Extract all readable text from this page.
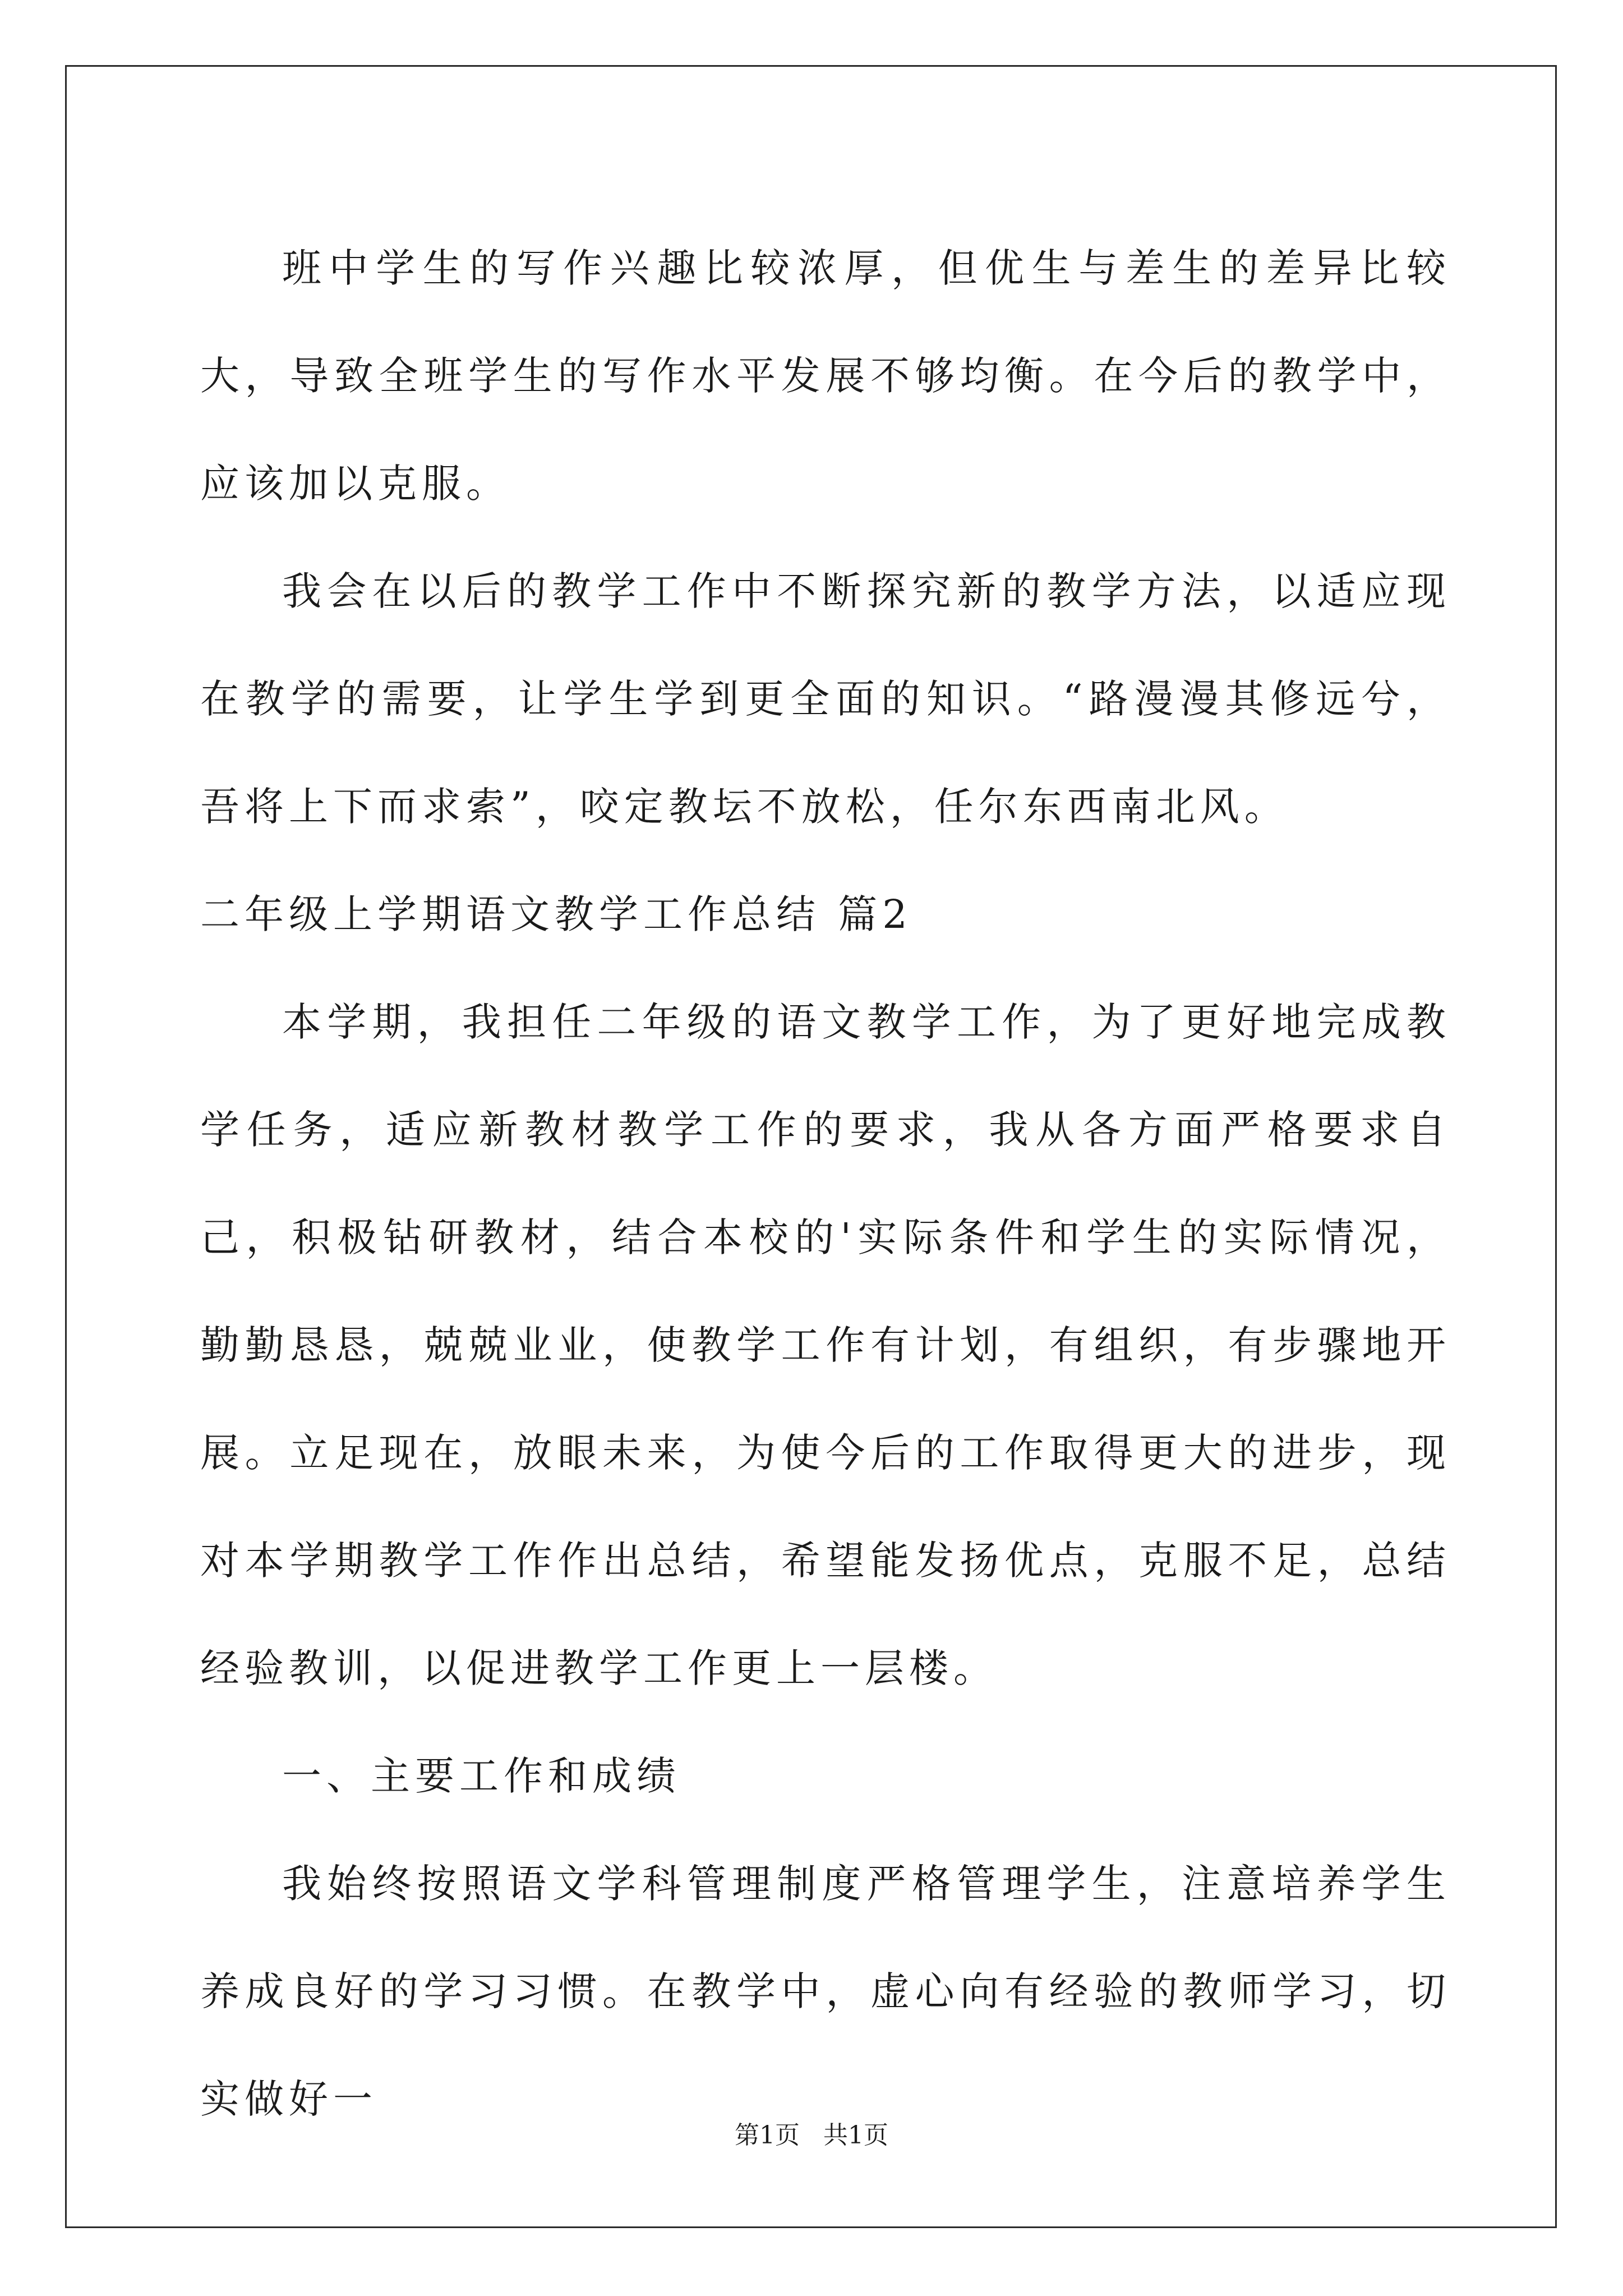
班中学生的写作兴趣比较浓厚，但优生与差生的差异比较大，导致全班学生的写作水平发展不够均衡。在今后的教学中，应该加以克服。

我会在以后的教学工作中不断探究新的教学方法，以适应现在教学的需要，让学生学到更全面的知识。“路漫漫其修远兮，吾将上下而求索”，咬定教坛不放松，任尔东西南北风。

二年级上学期语文教学工作总结 篇2

本学期，我担任二年级的语文教学工作，为了更好地完成教学任务，适应新教材教学工作的要求，我从各方面严格要求自己，积极钻研教材，结合本校的'实际条件和学生的实际情况，勤勤恳恳，兢兢业业，使教学工作有计划，有组织，有步骤地开展。立足现在，放眼未来，为使今后的工作取得更大的进步，现对本学期教学工作作出总结，希望能发扬优点，克服不足，总结经验教训，以促进教学工作更上一层楼。

一、主要工作和成绩

我始终按照语文学科管理制度严格管理学生，注意培养学生养成良好的学习习惯。在教学中，虚心向有经验的教师学习，切实做好一

第1页   共1页
